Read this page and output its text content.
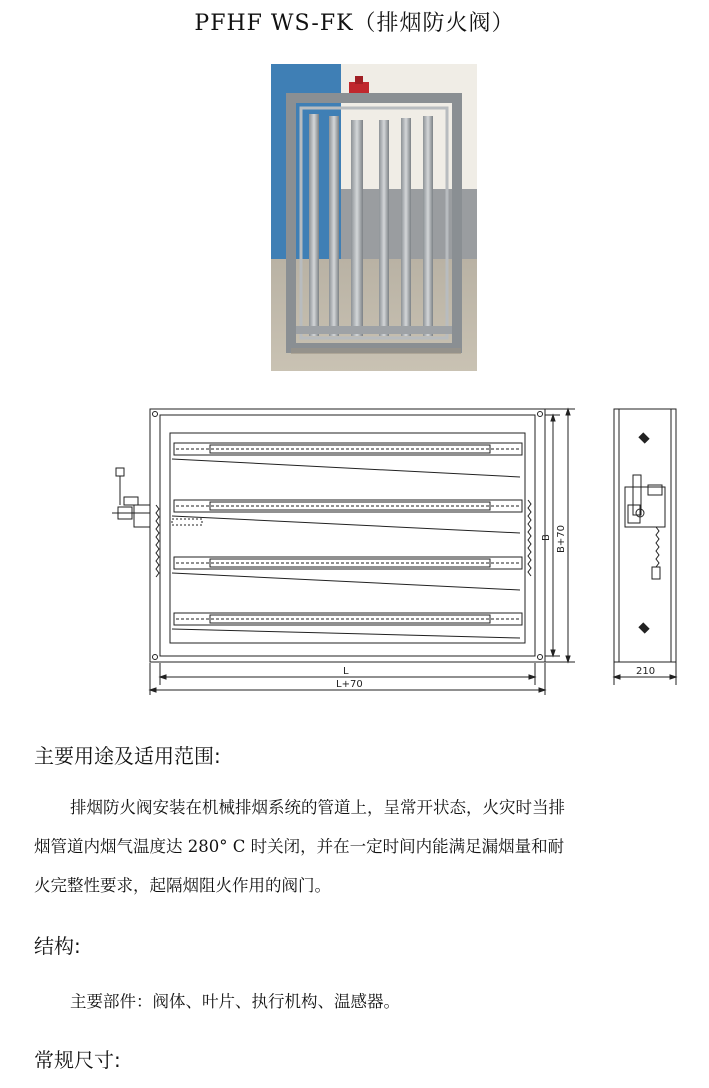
PFHF WS-FK（排烟防火阀）
L
L+70
B B+70
210
主要用途及适用范围:
排烟防火阀安装在机械排烟系统的管道上，呈常开状态，火灾时当排
烟管道内烟气温度达 280° C 时关闭，并在一定时间内能满足漏烟量和耐
火完整性要求，起隔烟阻火作用的阀门。
结构:
主要部件：阀体、叶片、执行机构、温感器。
常规尺寸:
